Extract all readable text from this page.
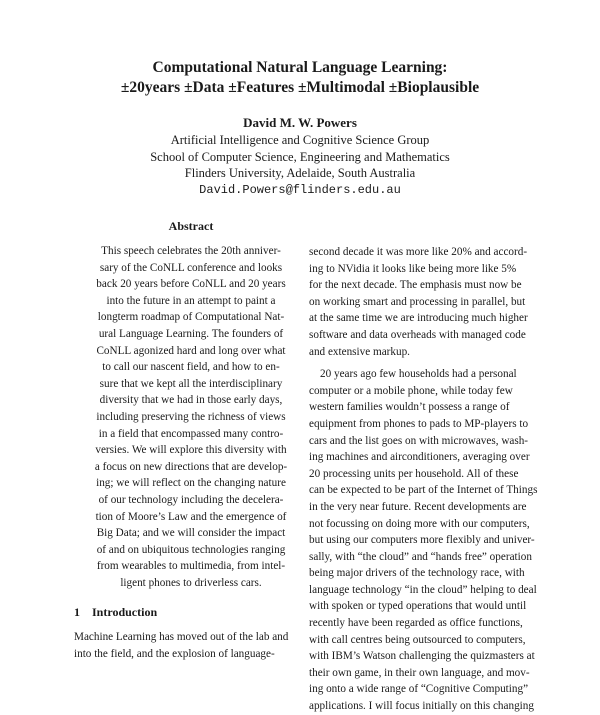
Computational Natural Language Learning:
±20years ±Data ±Features ±Multimodal ±Bioplausible
David M. W. Powers
Artificial Intelligence and Cognitive Science Group
School of Computer Science, Engineering and Mathematics
Flinders University, Adelaide, South Australia
David.Powers@flinders.edu.au
Abstract
This speech celebrates the 20th anniver-
sary of the CoNLL conference and looks
back 20 years before CoNLL and 20 years
into the future in an attempt to paint a
longterm roadmap of Computational Nat-
ural Language Learning. The founders of
CoNLL agonized hard and long over what
to call our nascent field, and how to en-
sure that we kept all the interdisciplinary
diversity that we had in those early days,
including preserving the richness of views
in a field that encompassed many contro-
versies. We will explore this diversity with
a focus on new directions that are develop-
ing; we will reflect on the changing nature
of our technology including the decelera-
tion of Moore’s Law and the emergence of
Big Data; and we will consider the impact
of and on ubiquitous technologies ranging
from wearables to multimedia, from intel-
ligent phones to driverless cars.
1 Introduction
Machine Learning has moved out of the lab and
into the field, and the explosion of language-
second decade it was more like 20% and accord-
ing to NVidia it looks like being more like 5%
for the next decade. The emphasis must now be
on working smart and processing in parallel, but
at the same time we are introducing much higher
software and data overheads with managed code
and extensive markup.
20 years ago few households had a personal
computer or a mobile phone, while today few
western families wouldn’t possess a range of
equipment from phones to pads to MP-players to
cars and the list goes on with microwaves, wash-
ing machines and airconditioners, averaging over
20 processing units per household. All of these
can be expected to be part of the Internet of Things
in the very near future. Recent developments are
not focussing on doing more with our computers,
but using our computers more flexibly and univer-
sally, with “the cloud” and “hands free” operation
being major drivers of the technology race, with
language technology “in the cloud” helping to deal
with spoken or typed operations that would until
recently have been regarded as office functions,
with call centres being outsourced to computers,
with IBM’s Watson challenging the quizmasters at
their own game, in their own language, and mov-
ing onto a wide range of “Cognitive Computing”
applications. I will focus initially on this changing
